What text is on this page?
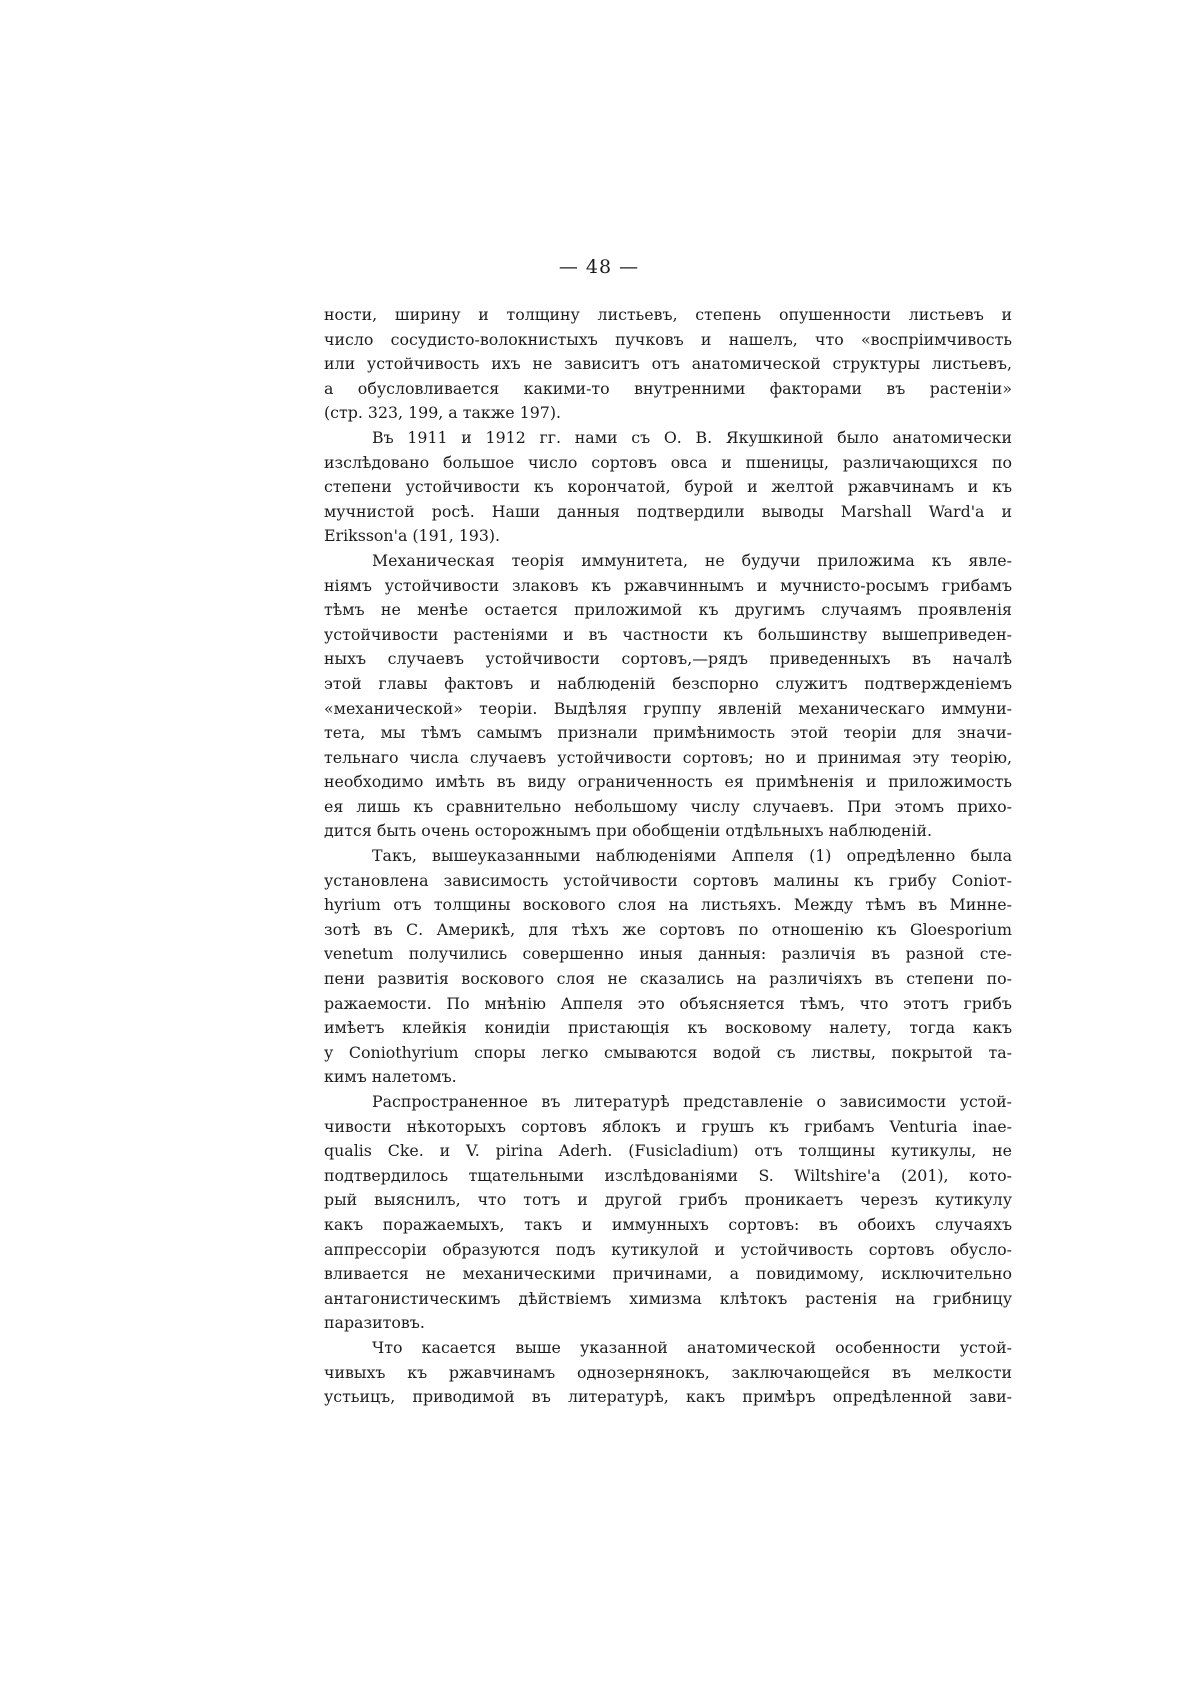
— 48 —
ности, ширину и толщину листьевъ, степень опушенности листьевъ и
число сосудисто-волокнистыхъ пучковъ и нашелъ, что «воспріимчивость
или устойчивость ихъ не зависитъ отъ анатомической структуры листьевъ,
а обусловливается какими-то внутренними факторами въ растеніи»
(стр. 323, 199, а также 197).
Въ 1911 и 1912 гг. нами съ О. В. Якушкиной было анатомически
изслѣдовано большое число сортовъ овса и пшеницы, различающихся по
степени устойчивости къ корончатой, бурой и желтой ржавчинамъ и къ
мучнистой росѣ. Наши данныя подтвердили выводы Marshall Ward'a и
Eriksson'a (191, 193).
Механическая теорія иммунитета, не будучи приложима къ явле-
ніямъ устойчивости злаковъ къ ржавчиннымъ и мучнисто-росымъ грибамъ
тѣмъ не менѣе остается приложимой къ другимъ случаямъ проявленія
устойчивости растеніями и въ частности къ большинству вышеприведен-
ныхъ случаевъ устойчивости сортовъ,—рядъ приведенныхъ въ началѣ
этой главы фактовъ и наблюденій безспорно служитъ подтвержденіемъ
«механической» теоріи. Выдѣляя группу явленій механическаго иммуни-
тета, мы тѣмъ самымъ признали примѣнимость этой теоріи для значи-
тельнаго числа случаевъ устойчивости сортовъ; но и принимая эту теорію,
необходимо имѣть въ виду ограниченность ея примѣненія и приложимость
ея лишь къ сравнительно небольшому числу случаевъ. При этомъ прихо-
дится быть очень осторожнымъ при обобщеніи отдѣльныхъ наблюденій.
Такъ, вышеуказанными наблюденіями Аппеля (1) опредѣленно была
установлена зависимость устойчивости сортовъ малины къ грибу Conioт-
hyrium отъ толщины воскового слоя на листьяхъ. Между тѣмъ въ Минне-
зотѣ въ С. Америкѣ, для тѣхъ же сортовъ по отношенію къ Gloesporium
venetum получились совершенно иныя данныя: различія въ разной сте-
пени развитія воскового слоя не сказались на различіяхъ въ степени по-
ражаемости. По мнѣнію Аппеля это объясняется тѣмъ, что этотъ грибъ
имѣетъ клейкія конидіи пристающія къ восковому налету, тогда какъ
у Coniothyrium споры легко смываются водой съ листвы, покрытой та-
кимъ налетомъ.
Распространенное въ литературѣ представленіе о зависимости устой-
чивости нѣкоторыхъ сортовъ яблокъ и грушъ къ грибамъ Venturia inae-
qualis Cke. и V. pirina Aderh. (Fusicladium) отъ толщины кутикулы, не
подтвердилось тщательными изслѣдованіями S. Wiltshire'a (201), кото-
рый выяснилъ, что тотъ и другой грибъ проникаетъ черезъ кутикулу
какъ поражаемыхъ, такъ и иммунныхъ сортовъ: въ обоихъ случаяхъ
аппрессоріи образуются подъ кутикулой и устойчивость сортовъ обусло-
вливается не механическими причинами, а повидимому, исключительно
антагонистическимъ дѣйствіемъ химизма клѣтокъ растенія на грибницу
паразитовъ.
Что касается выше указанной анатомической особенности устой-
чивыхъ къ ржавчинамъ однозернянокъ, заключающейся въ мелкости
устьицъ, приводимой въ литературѣ, какъ примѣръ опредѣленной зави-
